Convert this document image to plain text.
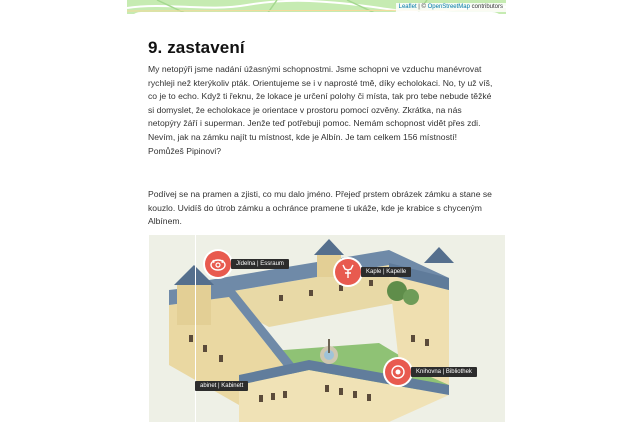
Leaflet | © OpenStreetMap contributors
9. zastavení

My netopýři jsme nadání úžasnými schopnostmi. Jsme schopni ve vzduchu manévrovat rychleji než kterýkoliv pták. Orientujeme se i v naprosté tmě, díky echolokaci. No, ty už víš, co je to echo. Když ti řeknu, že lokace je určení polohy či místa, tak pro tebe nebude těžké si domyslet, že echolokace je orientace v prostoru pomocí ozvěny. Zkrátka, na nás netopýry žáří i superman. Jenže teď potřebuji pomoc. Nemám schopnost vidět přes zdi. Nevím, jak na zámku najít tu místnost, kde je Albín. Je tam celkem 156 místností! Pomůžeš Pipinovi?

Podívej se na pramen a zjisti, co mu dalo jméno. Přejeď prstem obrázek zámku a stane se kouzlo. Uvidíš do útrob zámku a ochránce pramene ti ukáže, kde je krabice s chyceným Albínem.

Jídelna | Essraum
Kaple | Kapelle
Knihovna | Bibliothek
abinet | Kabinett
